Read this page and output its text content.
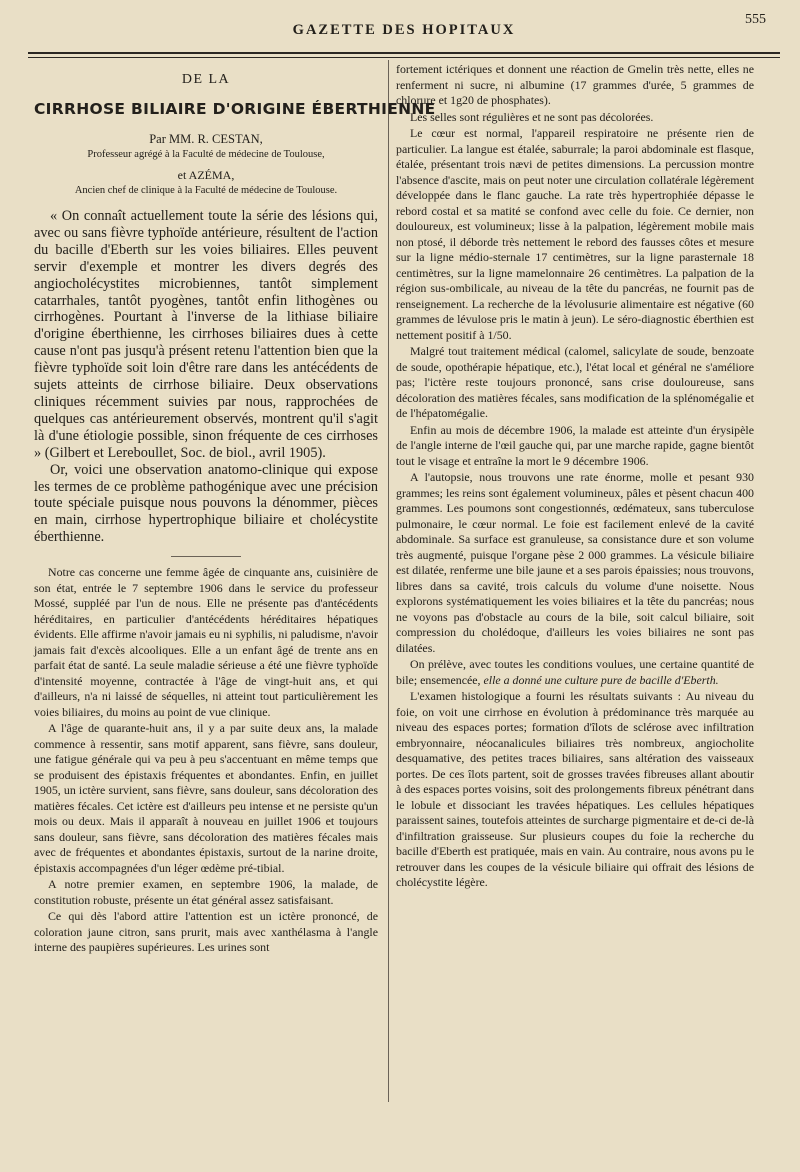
GAZETTE DES HOPITAUX
555
DE LA
CIRRHOSE BILIAIRE D'ORIGINE ÉBERTHIENNE
Par MM. R. CESTAN,
Professeur agrégé à la Faculté de médecine de Toulouse,
et AZÉMA,
Ancien chef de clinique à la Faculté de médecine de Toulouse.

« On connaît actuellement toute la série des lésions qui, avec ou sans fièvre typhoïde antérieure, résultent de l'action du bacille d'Eberth sur les voies biliaires. Elles peuvent servir d'exemple et montrer les divers degrés des angiocholécystites microbiennes, tantôt simplement catarrhales, tantôt pyogènes, tantôt enfin lithogènes ou cirrhogènes. Pourtant à l'inverse de la lithiase biliaire d'origine éberthienne, les cirrhoses biliaires dues à cette cause n'ont pas jusqu'à présent retenu l'attention bien que la fièvre typhoïde soit loin d'être rare dans les antécédents de sujets atteints de cirrhose biliaire. Deux observations cliniques récemment suivies par nous, rapprochées de quelques cas antérieurement observés, montrent qu'il s'agit là d'une étiologie possible, sinon fréquente de ces cirrhoses » (Gilbert et Lereboullet, Soc. de biol., avril 1905).

Or, voici une observation anatomo-clinique qui expose les termes de ce problème pathogénique avec une précision toute spéciale puisque nous pouvons la dénommer, pièces en main, cirrhose hypertrophique biliaire et cholécystite éberthienne.

Notre cas concerne une femme âgée de cinquante ans, cuisinière de son état, entrée le 7 septembre 1906 dans le service du professeur Mossé, suppléé par l'un de nous. Elle ne présente pas d'antécédents héréditaires, en particulier d'antécédents héréditaires hépatiques évidents. Elle affirme n'avoir jamais eu ni syphilis, ni paludisme, n'avoir jamais fait d'excès alcooliques. Elle a un enfant âgé de trente ans en parfait état de santé. La seule maladie sérieuse a été une fièvre typhoïde d'intensité moyenne, contractée à l'âge de vingt-huit ans, et qui d'ailleurs, n'a ni laissé de séquelles, ni atteint tout particulièrement les voies biliaires, du moins au point de vue clinique.

A l'âge de quarante-huit ans, il y a par suite deux ans, la malade commence à ressentir, sans motif apparent, sans fièvre, sans douleur, une fatigue générale qui va peu à peu s'accentuant en même temps que se produisent des épistaxis fréquentes et abondantes. Enfin, en juillet 1905, un ictère survient, sans fièvre, sans douleur, sans décoloration des matières fécales. Cet ictère est d'ailleurs peu intense et ne persiste qu'un mois ou deux. Mais il apparaît à nouveau en juillet 1906 et toujours sans douleur, sans fièvre, sans décoloration des matières fécales mais avec de fréquentes et abondantes épistaxis, surtout de la narine droite, épistaxis accompagnées d'un léger œdème pré-tibial.

A notre premier examen, en septembre 1906, la malade, de constitution robuste, présente un état général assez satisfaisant.

Ce qui dès l'abord attire l'attention est un ictère prononcé, de coloration jaune citron, sans prurit, mais avec xanthélasma à l'angle interne des paupières supérieures. Les urines sont

fortement ictériques et donnent une réaction de Gmelin très nette, elles ne renferment ni sucre, ni albumine (17 grammes d'urée, 5 grammes de chlorure et 1g20 de phosphates).

Les selles sont régulières et ne sont pas décolorées.

Le cœur est normal, l'appareil respiratoire ne présente rien de particulier. La langue est étalée, saburrale; la paroi abdominale est flasque, étalée, présentant trois nævi de petites dimensions. La percussion montre l'absence d'ascite, mais on peut noter une circulation collatérale légèrement développée dans le flanc gauche. La rate très hypertrophiée dépasse le rebord costal et sa matité se confond avec celle du foie. Ce dernier, non douloureux, est volumineux; lisse à la palpation, légèrement mobile mais non ptosé, il déborde très nettement le rebord des fausses côtes et mesure sur la ligne médio-sternale 17 centimètres, sur la ligne parasternale 18 centimètres, sur la ligne mamelonnaire 26 centimètres. La palpation de la région sus-ombilicale, au niveau de la tête du pancréas, ne fournit pas de renseignement. La recherche de la lévolusurie alimentaire est négative (60 grammes de lévulose pris le matin à jeun). Le séro-diagnostic éberthien est nettement positif à 1/50.

Malgré tout traitement médical (calomel, salicylate de soude, benzoate de soude, opothérapie hépatique, etc.), l'état local et général ne s'améliore pas; l'ictère reste toujours prononcé, sans crise douloureuse, sans décoloration des matières fécales, sans modification de la splénomégalie et de l'hépatomégalie.

Enfin au mois de décembre 1906, la malade est atteinte d'un érysipèle de l'angle interne de l'œil gauche qui, par une marche rapide, gagne bientôt tout le visage et entraîne la mort le 9 décembre 1906.

A l'autopsie, nous trouvons une rate énorme, molle et pesant 930 grammes; les reins sont également volumineux, pâles et pèsent chacun 400 grammes. Les poumons sont congestionnés, œdémateux, sans tuberculose pulmonaire, le cœur normal. Le foie est facilement enlevé de la cavité abdominale. Sa surface est granuleuse, sa consistance dure et son volume très augmenté, puisque l'organe pèse 2 000 grammes. La vésicule biliaire est dilatée, renferme une bile jaune et a ses parois épaissies; nous trouvons, libres dans sa cavité, trois calculs du volume d'une noisette. Nous explorons systématiquement les voies biliaires et la tête du pancréas; nous ne voyons pas d'obstacle au cours de la bile, soit calcul biliaire, soit compression du cholédoque, d'ailleurs les voies biliaires ne sont pas dilatées.

On prélève, avec toutes les conditions voulues, une certaine quantité de bile; ensemencée, elle a donné une culture pure de bacille d'Eberth.

L'examen histologique a fourni les résultats suivants : Au niveau du foie, on voit une cirrhose en évolution à prédominance très marquée au niveau des espaces portes; formation d'îlots de sclérose avec infiltration embryonnaire, néocanalicules biliaires très nombreux, angiocholite desquamative, des petites traces biliaires, sans altération des vaisseaux portes. De ces îlots partent, soit de grosses travées fibreuses allant aboutir à des espaces portes voisins, soit des prolongements fibreux pénétrant dans le lobule et dissociant les travées hépatiques. Les cellules hépatiques paraissent saines, toutefois atteintes de surcharge pigmentaire et de-ci de-là d'infiltration graisseuse. Sur plusieurs coupes du foie la recherche du bacille d'Eberth est pratiquée, mais en vain. Au contraire, nous avons pu le retrouver dans les coupes de la vésicule biliaire qui offrait des lésions de cholécystite légère.
